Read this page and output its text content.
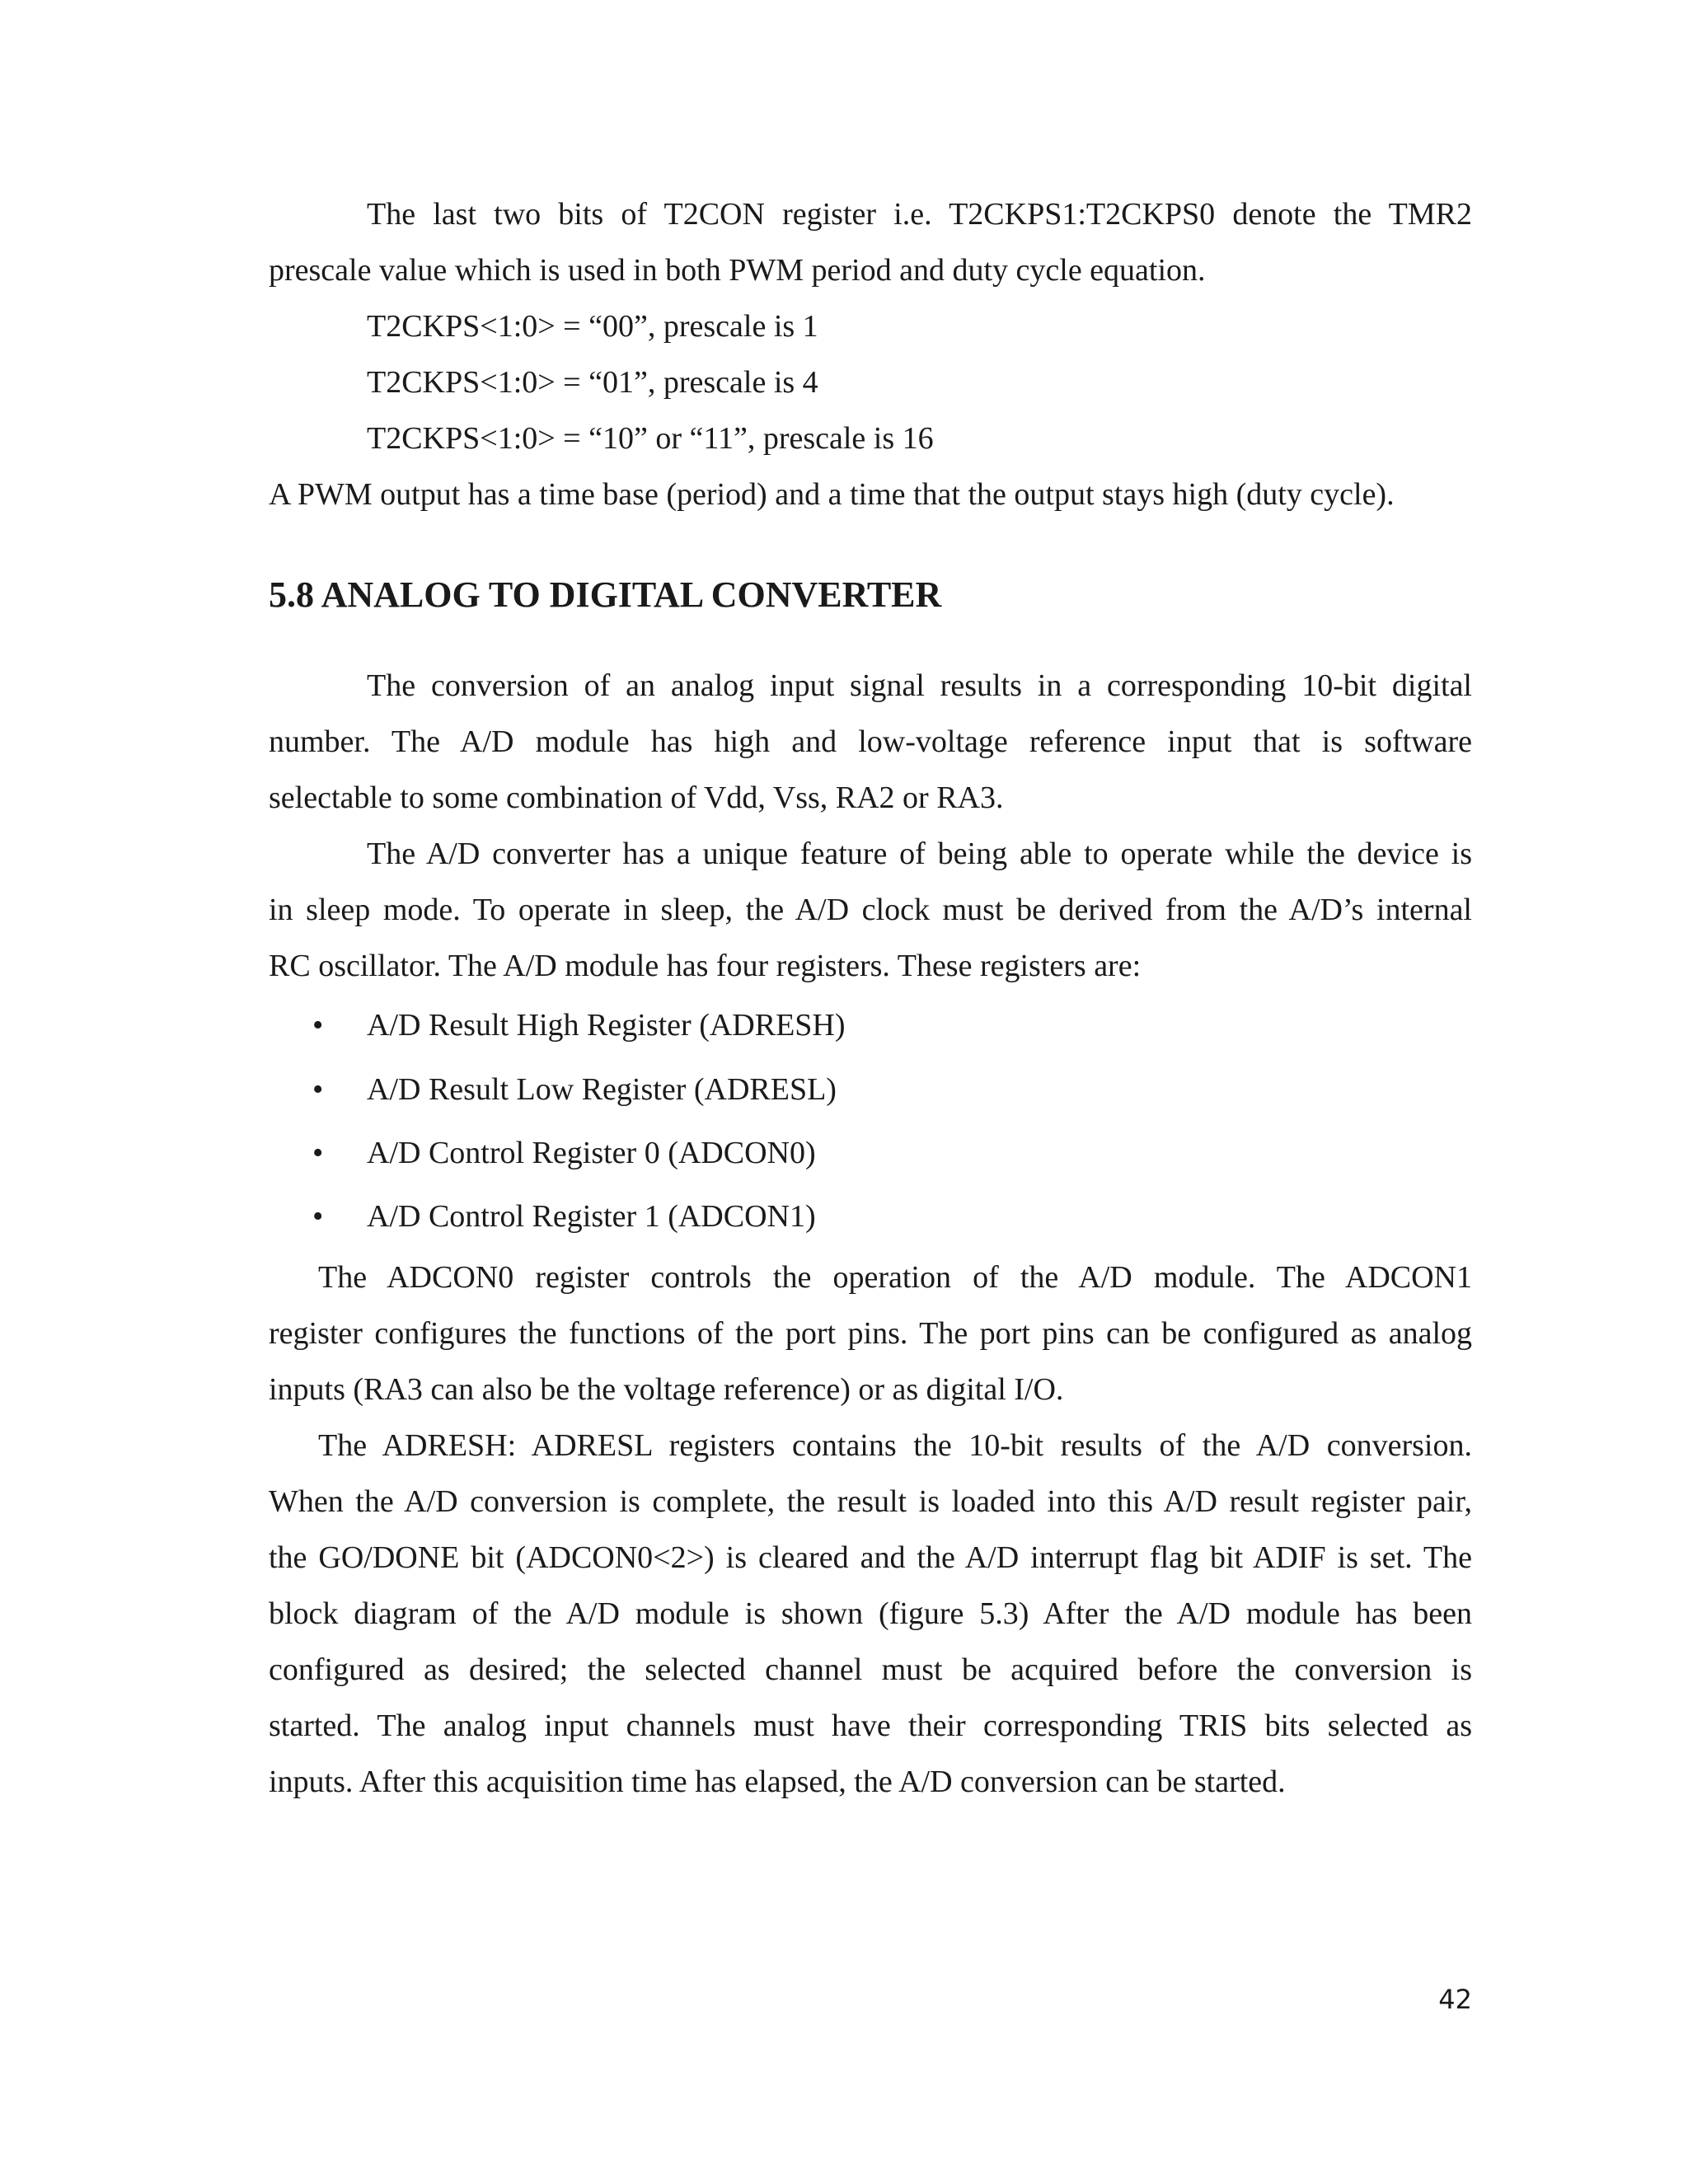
The last two bits of T2CON register i.e. T2CKPS1:T2CKPS0 denote the TMR2
prescale value which is used in both PWM period and duty cycle equation.
T2CKPS<1:0> = “00”, prescale is 1
T2CKPS<1:0> = “01”, prescale is 4
T2CKPS<1:0> = “10” or “11”, prescale is 16
A PWM output has a time base (period) and a time that the output stays high (duty cycle).
5.8 ANALOG TO DIGITAL CONVERTER
The conversion of an analog input signal results in a corresponding 10-bit digital
number. The A/D module has high and low-voltage reference input that is software
selectable to some combination of Vdd, Vss, RA2 or RA3.
The A/D converter has a unique feature of being able to operate while the device is
in sleep mode. To operate in sleep, the A/D clock must be derived from the A/D’s internal
RC oscillator. The A/D module has four registers. These registers are:
• A/D Result High Register (ADRESH)
• A/D Result Low Register (ADRESL)
• A/D Control Register 0 (ADCON0)
• A/D Control Register 1 (ADCON1)
The ADCON0 register controls the operation of the A/D module. The ADCON1
register configures the functions of the port pins. The port pins can be configured as analog
inputs (RA3 can also be the voltage reference) or as digital I/O.
The ADRESH: ADRESL registers contains the 10-bit results of the A/D conversion.
When the A/D conversion is complete, the result is loaded into this A/D result register pair,
the GO/DONE bit (ADCON0<2>) is cleared and the A/D interrupt flag bit ADIF is set. The
block diagram of the A/D module is shown (figure 5.3) After the A/D module has been
configured as desired; the selected channel must be acquired before the conversion is
started. The analog input channels must have their corresponding TRIS bits selected as
inputs. After this acquisition time has elapsed, the A/D conversion can be started.
42
